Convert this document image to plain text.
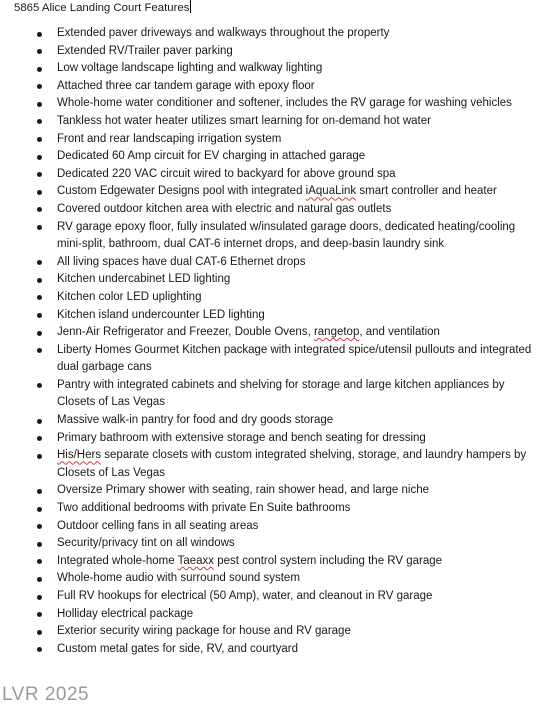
5865 Alice Landing Court Features
Extended paver driveways and walkways throughout the property
Extended RV/Trailer paver parking
Low voltage landscape lighting and walkway lighting
Attached three car tandem garage with epoxy floor
Whole-home water conditioner and softener, includes the RV garage for washing vehicles
Tankless hot water heater utilizes smart learning for on-demand hot water
Front and rear landscaping irrigation system
Dedicated 60 Amp circuit for EV charging in attached garage
Dedicated 220 VAC circuit wired to backyard for above ground spa
Custom Edgewater Designs pool with integrated iAquaLink smart controller and heater
Covered outdoor kitchen area with electric and natural gas outlets
RV garage epoxy floor, fully insulated w/insulated garage doors, dedicated heating/cooling mini-split, bathroom, dual CAT-6 internet drops, and deep-basin laundry sink
All living spaces have dual CAT-6 Ethernet drops
Kitchen undercabinet LED lighting
Kitchen color LED uplighting
Kitchen island undercounter LED lighting
Jenn-Air Refrigerator and Freezer, Double Ovens, rangetop, and ventilation
Liberty Homes Gourmet Kitchen package with integrated spice/utensil pullouts and integrated dual garbage cans
Pantry with integrated cabinets and shelving for storage and large kitchen appliances by Closets of Las Vegas
Massive walk-in pantry for food and dry goods storage
Primary bathroom with extensive storage and bench seating for dressing
His/Hers separate closets with custom integrated shelving, storage, and laundry hampers by Closets of Las Vegas
Oversize Primary shower with seating, rain shower head, and large niche
Two additional bedrooms with private En Suite bathrooms
Outdoor celling fans in all seating areas
Security/privacy tint on all windows
Integrated whole-home Taeaxx pest control system including the RV garage
Whole-home audio with surround sound system
Full RV hookups for electrical (50 Amp), water, and cleanout in RV garage
Holliday electrical package
Exterior security wiring package for house and RV garage
Custom metal gates for side, RV, and courtyard
LVR 2025
